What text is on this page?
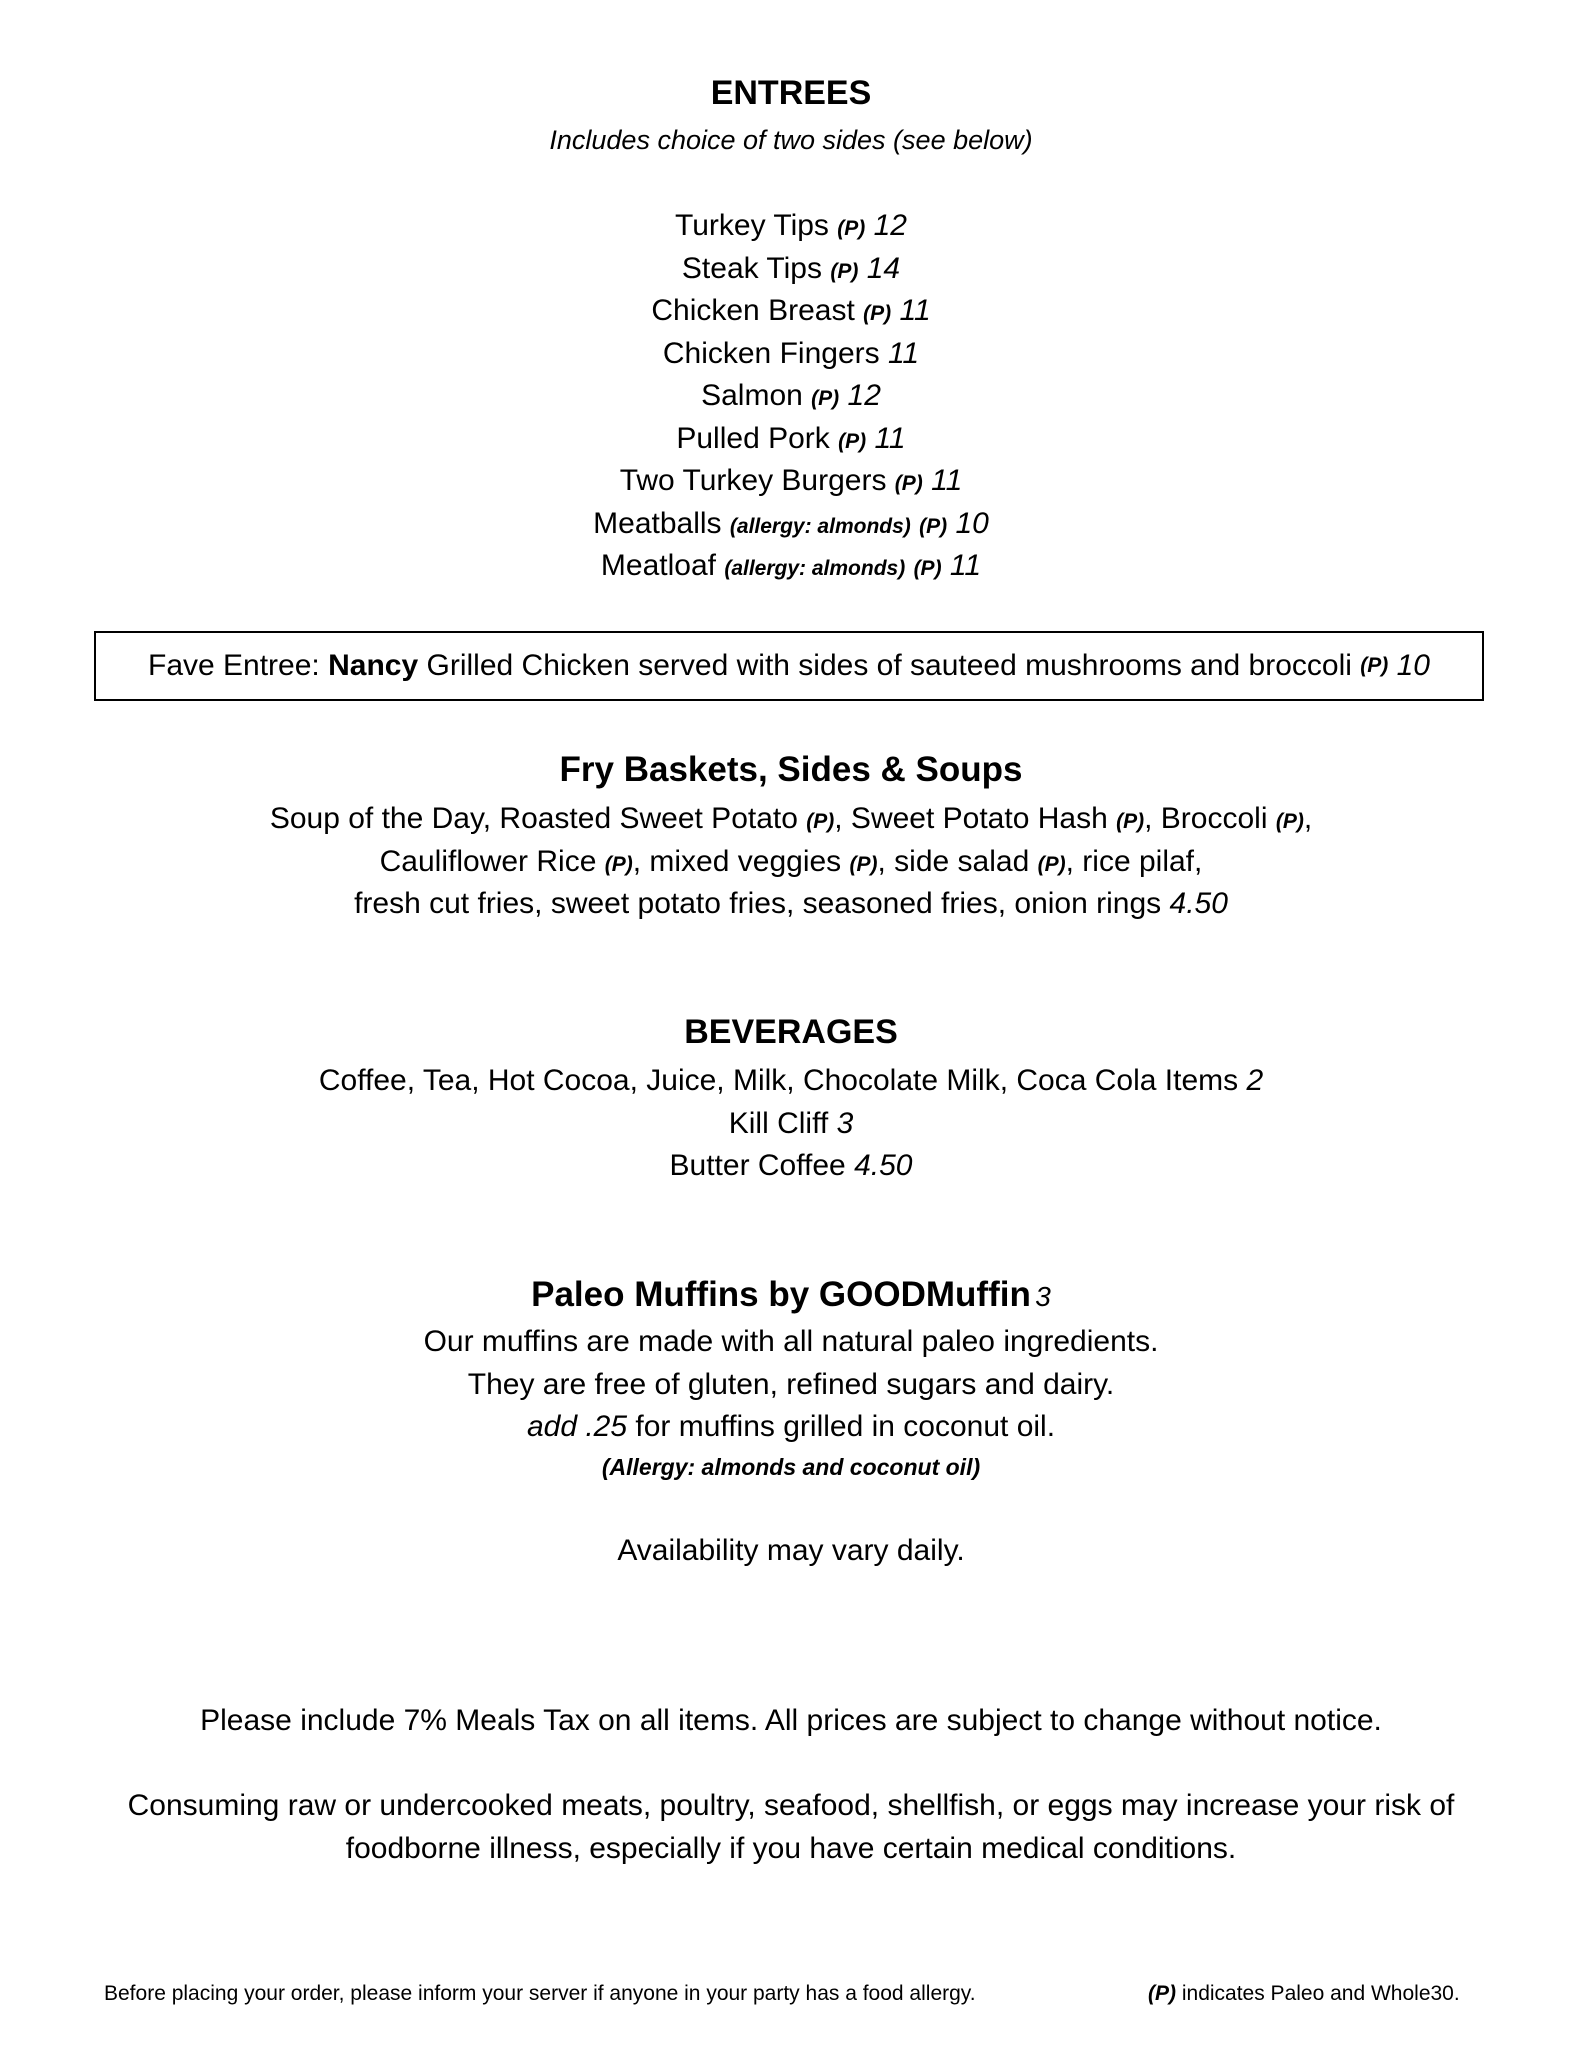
ENTREES
Includes choice of two sides (see below)
Turkey Tips (P) 12
Steak Tips (P) 14
Chicken Breast (P) 11
Chicken Fingers 11
Salmon (P) 12
Pulled Pork (P) 11
Two Turkey Burgers (P) 11
Meatballs (allergy: almonds) (P) 10
Meatloaf (allergy: almonds) (P) 11
Fave Entree:
Nancy
Grilled Chicken served with sides of sauteed mushrooms and broccoli
(P)
10
Fry Baskets, Sides & Soups
Soup of the Day, Roasted Sweet Potato (P), Sweet Potato Hash (P), Broccoli (P),
Cauliflower Rice (P), mixed veggies (P), side salad (P), rice pilaf,
fresh cut fries, sweet potato fries, seasoned fries, onion rings 4.50
BEVERAGES
Coffee, Tea, Hot Cocoa, Juice, Milk, Chocolate Milk, Coca Cola Items 2
Kill Cliff 3
Butter Coffee 4.50
Paleo Muffins by GOODMuffin 3
Our muffins are made with all natural paleo ingredients.
They are free of gluten, refined sugars and dairy.
add .25 for muffins grilled in coconut oil.
(Allergy: almonds and coconut oil)
Availability may vary daily.
Please include 7% Meals Tax on all items. All prices are subject to change without notice.
Consuming raw or undercooked meats, poultry, seafood, shellfish, or eggs may increase your risk of
foodborne illness, especially if you have certain medical conditions.
Before placing your order, please inform your server if anyone in your party has a food allergy.	(P) indicates Paleo and Whole30.
